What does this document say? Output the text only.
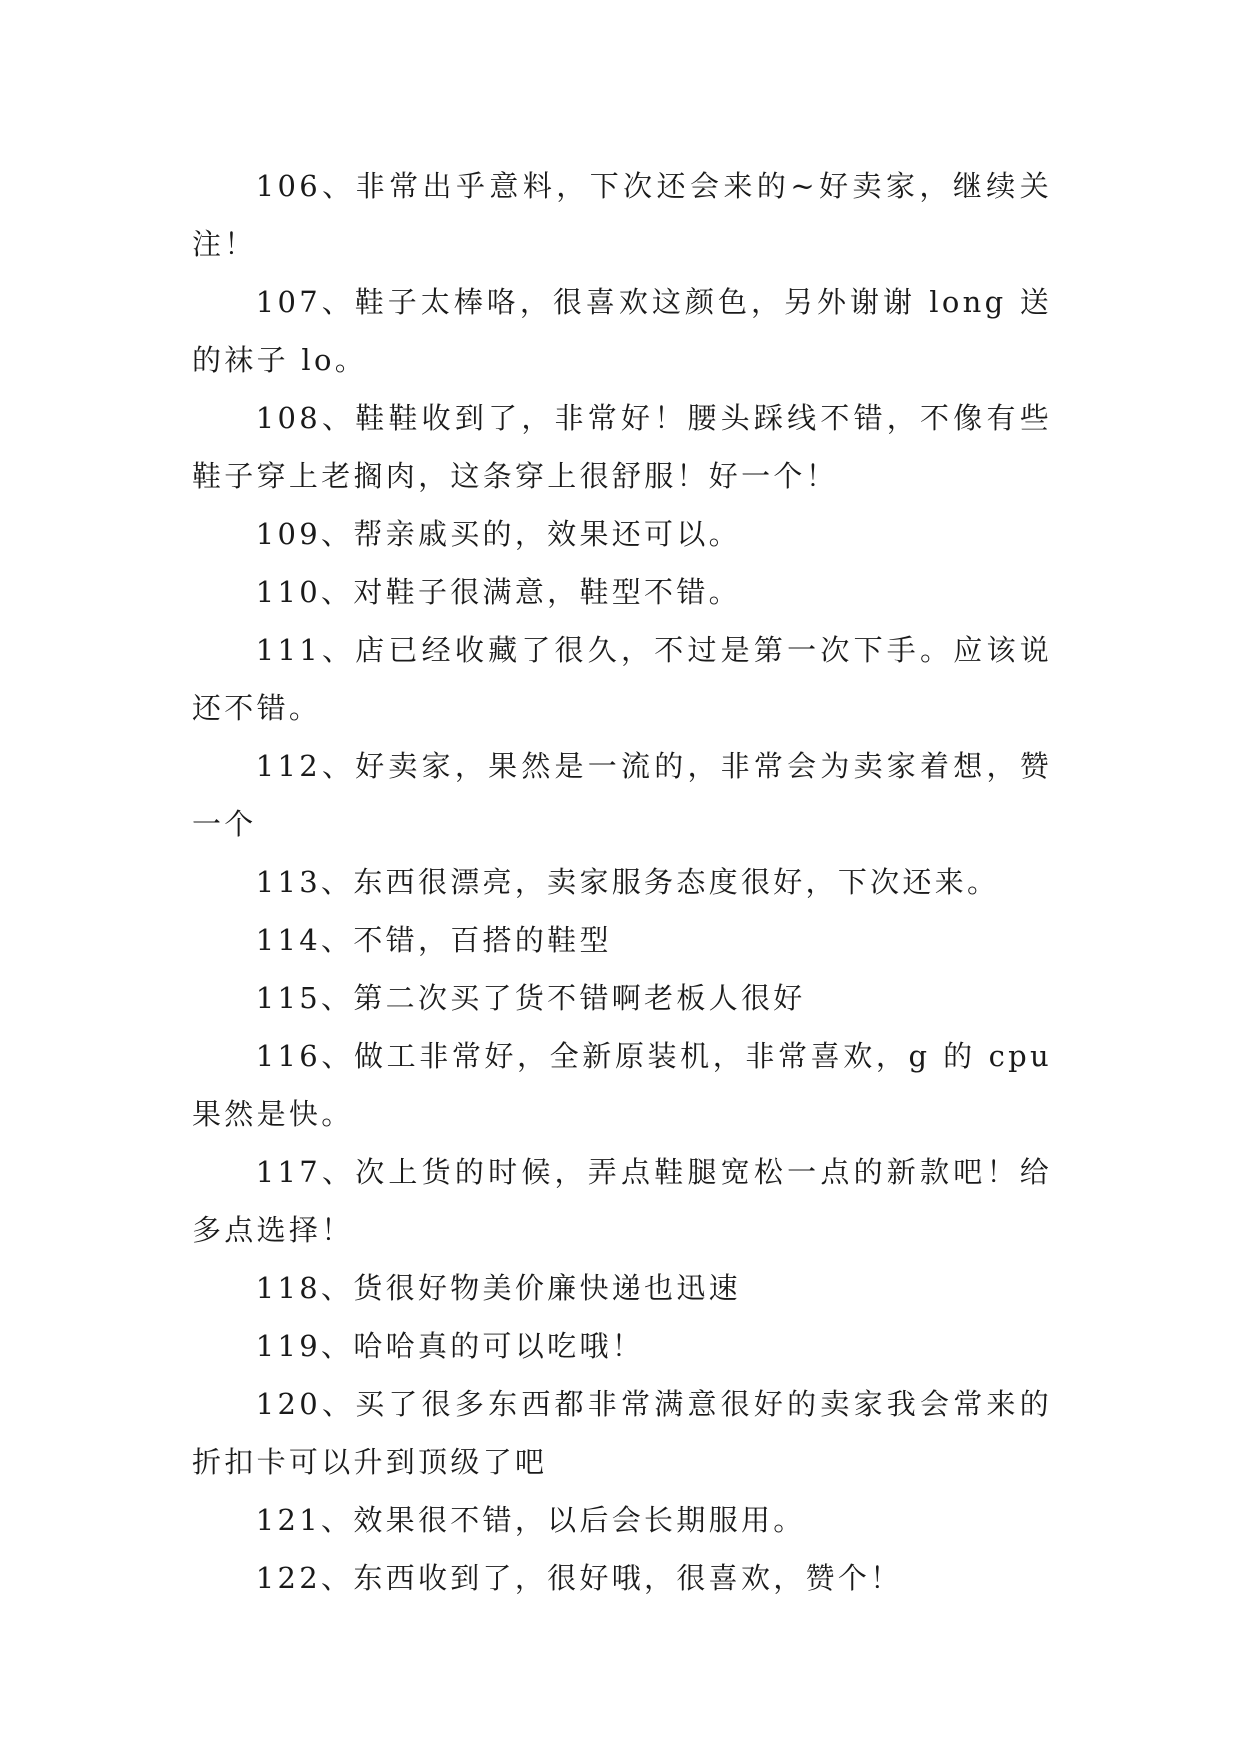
106、非常出乎意料，下次还会来的~好卖家，继续关注！

107、鞋子太棒咯，很喜欢这颜色，另外谢谢 long 送的袜子 lo。

108、鞋鞋收到了，非常好！腰头踩线不错，不像有些鞋子穿上老搁肉，这条穿上很舒服！好一个！

109、帮亲戚买的，效果还可以。

110、对鞋子很满意，鞋型不错。

111、店已经收藏了很久，不过是第一次下手。应该说还不错。

112、好卖家，果然是一流的，非常会为卖家着想，赞一个

113、东西很漂亮，卖家服务态度很好，下次还来。

114、不错，百搭的鞋型

115、第二次买了货不错啊老板人很好

116、做工非常好，全新原装机，非常喜欢，g 的 cpu 果然是快。

117、次上货的时候，弄点鞋腿宽松一点的新款吧！给多点选择！

118、货很好物美价廉快递也迅速

119、哈哈真的可以吃哦！

120、买了很多东西都非常满意很好的卖家我会常来的折扣卡可以升到顶级了吧

121、效果很不错，以后会长期服用。

122、东西收到了，很好哦，很喜欢，赞个！
